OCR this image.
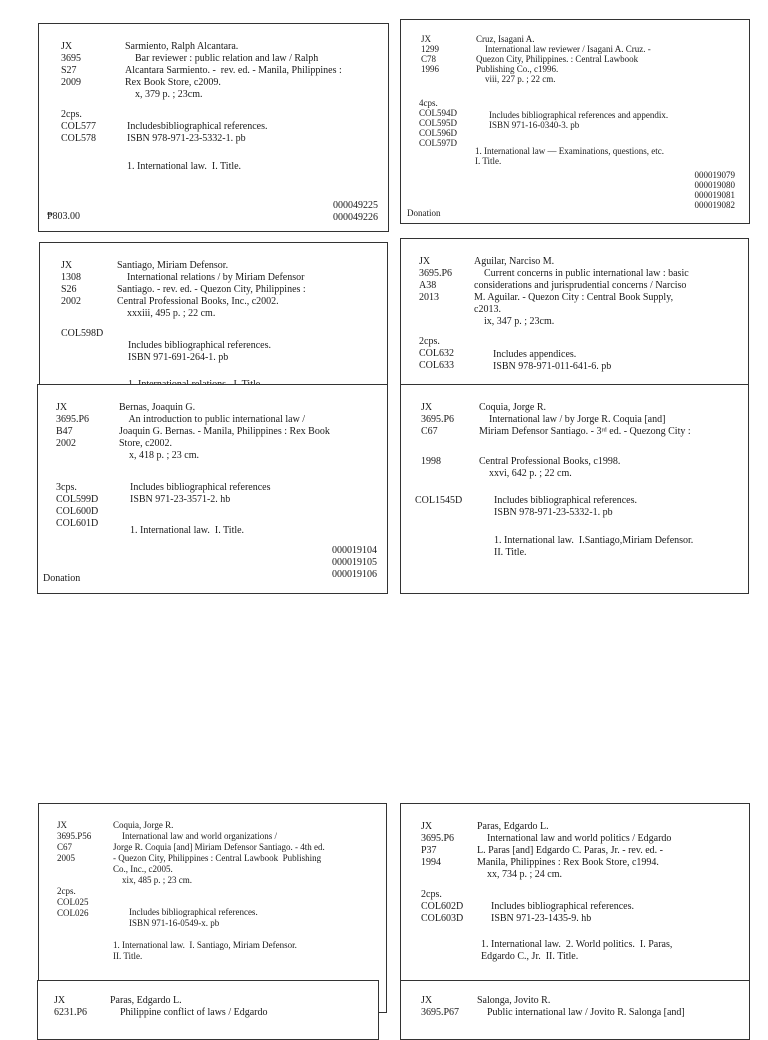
JX
3695
S27
2009
Sarmiento, Ralph Alcantara.
Bar reviewer : public relation and law / Ralph
Alcantara Sarmiento. -  rev. ed. - Manila, Philippines :
Rex Book Store, c2009.
x, 379 p. ; 23cm.
2cps.
COL577
COL578
Includesbibliographical references.
ISBN 978-971-23-5332-1. pb
1. International law.  I. Title.
000049225
000049226
₱803.00
JX
1299
C78
1996
Cruz, Isagani A.
International law reviewer / Isagani A. Cruz. -
Quezon City, Philippines. : Central Lawbook
Publishing Co., c1996.
viii, 227 p. ; 22 cm.
4cps.
COL594D
COL595D
COL596D
COL597D
Includes bibliographical references and appendix.
ISBN 971-16-0340-3. pb
1. International law — Examinations, questions, etc.
I. Title.
000019079
000019080
000019081
000019082
Donation
JX
1308
S26
2002
Santiago, Miriam Defensor.
International relations / by Miriam Defensor
Santiago. - rev. ed. - Quezon City, Philippines :
Central Professional Books, Inc., c2002.
xxxiii, 495 p. ; 22 cm.
COL598D
Includes bibliographical references.
ISBN 971-691-264-1. pb
JX
3695.P6
A38
2013
Aguilar, Narciso M.
Current concerns in public international law : basic
considerations and jurisprudential concerns / Narciso
M. Aguilar. - Quezon City : Central Book Supply,
c2013.
ix, 347 p. ; 23cm.
2cps.
COL632
COL633
Includes appendices.
ISBN 978-971-011-641-6. pb
JX
3695.P6
B47
2002
Bernas, Joaquin G.
An introduction to public international law /
Joaquin G. Bernas. - Manila, Philippines : Rex Book
Store, c2002.
x, 418 p. ; 23 cm.
3cps.
COL599D
COL600D
COL601D
Includes bibliographical references
ISBN 971-23-3571-2. hb
1. International law.  I. Title.
000019104
000019105
000019106
Donation
JX
3695.P6
C67
Coquia, Jorge R.
International law / by Jorge R. Coquia [and]
Miriam Defensor Santiago. - 3ʳᵈ ed. - Quezong City :
1998	Central Professional Books, c1998.
xxvi, 642 p. ; 22 cm.
COL1545D	Includes bibliographical references.
ISBN 978-971-23-5332-1. pb
1. International law.  I.Santiago,Miriam Defensor.
II. Title.
JX
3695.P56
C67
2005
Coquia, Jorge R.
International law and world organizations /
Jorge R. Coquia [and] Miriam Defensor Santiago. - 4th ed.
- Quezon City, Philippines : Central Lawbook  Publishing
Co., Inc., c2005.
xix, 485 p. ; 23 cm.
2cps.
COL025
COL026	Includes bibliographical references.
ISBN 971-16-0549-x. pb
1. International law.  I. Santiago, Miriam Defensor.
II. Title.
JX
3695.P6
P37
1994
Paras, Edgardo L.
International law and world politics / Edgardo
L. Paras [and] Edgardo C. Paras, Jr. - rev. ed. -
Manila, Philippines : Rex Book Store, c1994.
xx, 734 p. ; 24 cm.
2cps.
COL602D
COL603D
Includes bibliographical references.
ISBN 971-23-1435-9. hb
1. International law.  2. World politics.  I. Paras,
Edgardo C., Jr.  II. Title.
JX
6231.P6
Paras, Edgardo L.
Philippine conflict of laws / Edgardo
JX
3695.P67
Salonga, Jovito R.
Public international law / Jovito R. Salonga [and]
